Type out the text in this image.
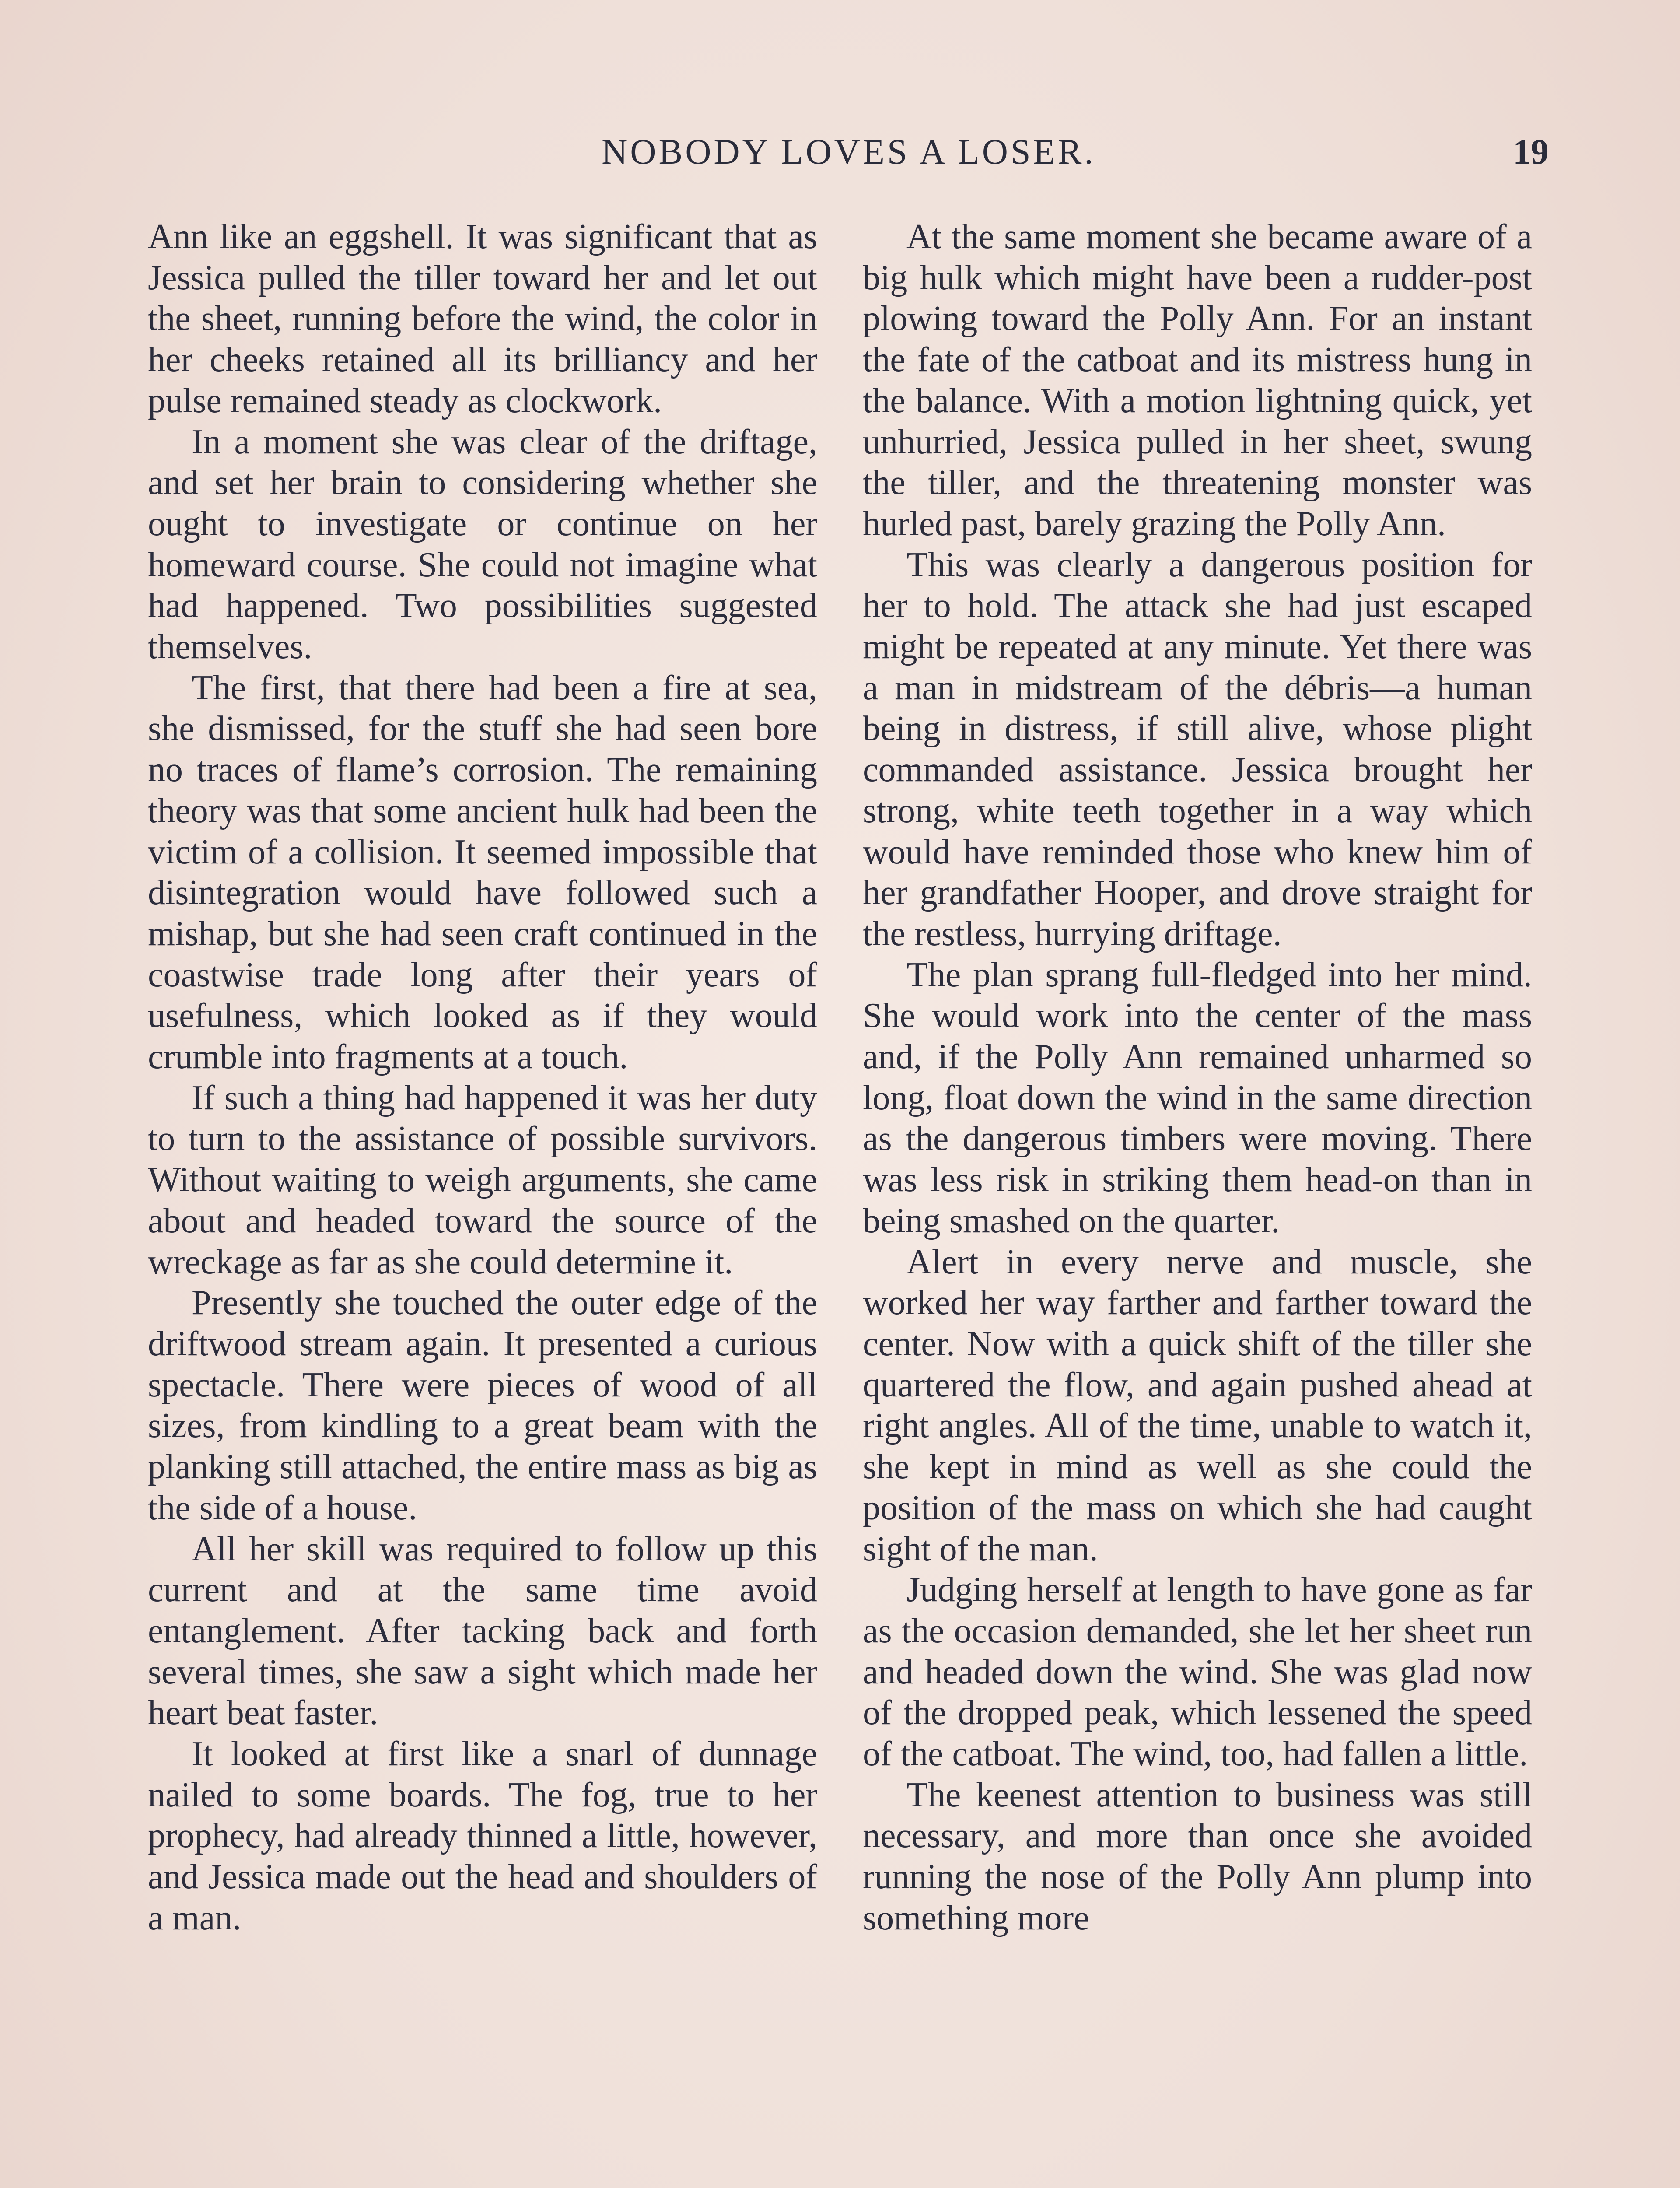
NOBODY LOVES A LOSER.	19

Ann like an eggshell. It was significant that as Jessica pulled the tiller toward her and let out the sheet, running before the wind, the color in her cheeks retained all its brilliancy and her pulse remained steady as clockwork.

In a moment she was clear of the driftage, and set her brain to considering whether she ought to investigate or continue on her homeward course. She could not imagine what had happened. Two possibilities suggested themselves.

The first, that there had been a fire at sea, she dismissed, for the stuff she had seen bore no traces of flame’s corrosion. The remaining theory was that some ancient hulk had been the victim of a collision. It seemed impossible that disintegration would have followed such a mishap, but she had seen craft continued in the coastwise trade long after their years of usefulness, which looked as if they would crumble into fragments at a touch.

If such a thing had happened it was her duty to turn to the assistance of possible survivors. Without waiting to weigh arguments, she came about and headed toward the source of the wreckage as far as she could determine it.

Presently she touched the outer edge of the driftwood stream again. It presented a curious spectacle. There were pieces of wood of all sizes, from kindling to a great beam with the planking still attached, the entire mass as big as the side of a house.

All her skill was required to follow up this current and at the same time avoid entanglement. After tacking back and forth several times, she saw a sight which made her heart beat faster.

It looked at first like a snarl of dunnage nailed to some boards. The fog, true to her prophecy, had already thinned a little, however, and Jessica made out the head and shoulders of a man.

At the same moment she became aware of a big hulk which might have been a rudder-post plowing toward the Polly Ann. For an instant the fate of the catboat and its mistress hung in the balance. With a motion lightning quick, yet unhurried, Jessica pulled in her sheet, swung the tiller, and the threatening monster was hurled past, barely grazing the Polly Ann.

This was clearly a dangerous position for her to hold. The attack she had just escaped might be repeated at any minute. Yet there was a man in midstream of the débris—a human being in distress, if still alive, whose plight commanded assistance. Jessica brought her strong, white teeth together in a way which would have reminded those who knew him of her grandfather Hooper, and drove straight for the restless, hurrying driftage.

The plan sprang full-fledged into her mind. She would work into the center of the mass and, if the Polly Ann remained unharmed so long, float down the wind in the same direction as the dangerous timbers were moving. There was less risk in striking them head-on than in being smashed on the quarter.

Alert in every nerve and muscle, she worked her way farther and farther toward the center. Now with a quick shift of the tiller she quartered the flow, and again pushed ahead at right angles. All of the time, unable to watch it, she kept in mind as well as she could the position of the mass on which she had caught sight of the man.

Judging herself at length to have gone as far as the occasion demanded, she let her sheet run and headed down the wind. She was glad now of the dropped peak, which lessened the speed of the catboat. The wind, too, had fallen a little.

The keenest attention to business was still necessary, and more than once she avoided running the nose of the Polly Ann plump into something more
